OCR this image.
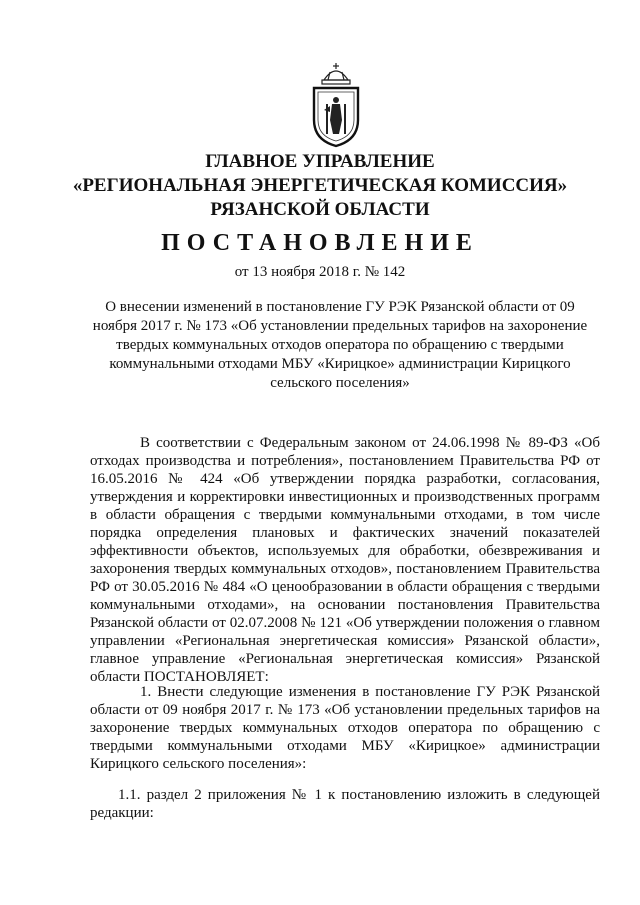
ГЛАВНОЕ УПРАВЛЕНИЕ
«РЕГИОНАЛЬНАЯ ЭНЕРГЕТИЧЕСКАЯ КОМИССИЯ»
РЯЗАНСКОЙ ОБЛАСТИ
ПОСТАНОВЛЕНИЕ
от 13 ноября 2018 г. № 142
О внесении изменений в постановление ГУ РЭК Рязанской области от 09 ноября 2017 г. № 173 «Об установлении предельных тарифов на захоронение твердых коммунальных отходов оператора по обращению с твердыми коммунальными отходами МБУ «Кирицкое» администрации Кирицкого сельского поселения»
В соответствии с Федеральным законом от 24.06.1998 № 89-ФЗ «Об отходах производства и потребления», постановлением Правительства РФ от 16.05.2016 № 424 «Об утверждении порядка разработки, согласования, утверждения и корректировки инвестиционных и производственных программ в области обращения с твердыми коммунальными отходами, в том числе порядка определения плановых и фактических значений показателей эффективности объектов, используемых для обработки, обезвреживания и захоронения твердых коммунальных отходов», постановлением Правительства РФ от 30.05.2016 № 484 «О ценообразовании в области обращения с твердыми коммунальными отходами», на основании постановления Правительства Рязанской области от 02.07.2008 № 121 «Об утверждении положения о главном управлении «Региональная энергетическая комиссия» Рязанской области», главное управление «Региональная энергетическая комиссия» Рязанской области ПОСТАНОВЛЯЕТ:
1. Внести следующие изменения в постановление ГУ РЭК Рязанской области от 09 ноября 2017 г. № 173 «Об установлении предельных тарифов на захоронение твердых коммунальных отходов оператора по обращению с твердыми коммунальными отходами МБУ «Кирицкое» администрации Кирицкого сельского поселения»:
1.1. раздел 2 приложения № 1 к постановлению изложить в следующей редакции:
